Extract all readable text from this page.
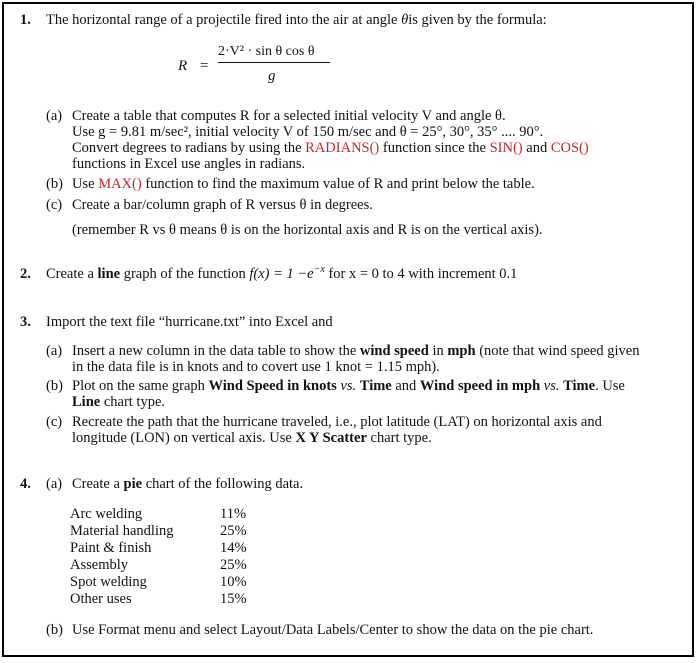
1. The horizontal range of a projectile fired into the air at angle θis given by the formula:
R =
2·V² · sin θ cos θ
g
(a) Create a table that computes R for a selected initial velocity V and angle θ.
Use g = 9.81 m/sec², initial velocity V of 150 m/sec and θ = 25°, 30°, 35° .... 90°.
Convert degrees to radians by using the RADIANS() function since the SIN() and COS()
functions in Excel use angles in radians.
(b) Use MAX() function to find the maximum value of R and print below the table.
(c) Create a bar/column graph of R versus θ in degrees.
(remember R vs θ means θ is on the horizontal axis and R is on the vertical axis).
2. Create a line graph of the function $f(x) = 1 -e^{-x}$ for x = 0 to 4 with increment 0.1
3. Import the text file “hurricane.txt” into Excel and
(a) Insert a new column in the data table to show the wind speed in mph (note that wind speed given
in the data file is in knots and to covert use 1 knot = 1.15 mph).
(b) Plot on the same graph Wind Speed in knots vs. Time and Wind speed in mph vs. Time. Use
Line chart type.
(c) Recreate the path that the hurricane traveled, i.e., plot latitude (LAT) on horizontal axis and
longitude (LON) on vertical axis. Use X Y Scatter chart type.
4. (a) Create a pie chart of the following data.
Arc welding	11%
Material handling	25%
Paint & finish	14%
Assembly	25%
Spot welding	10%
Other uses	15%
(b) Use Format menu and select Layout/Data Labels/Center to show the data on the pie chart.
